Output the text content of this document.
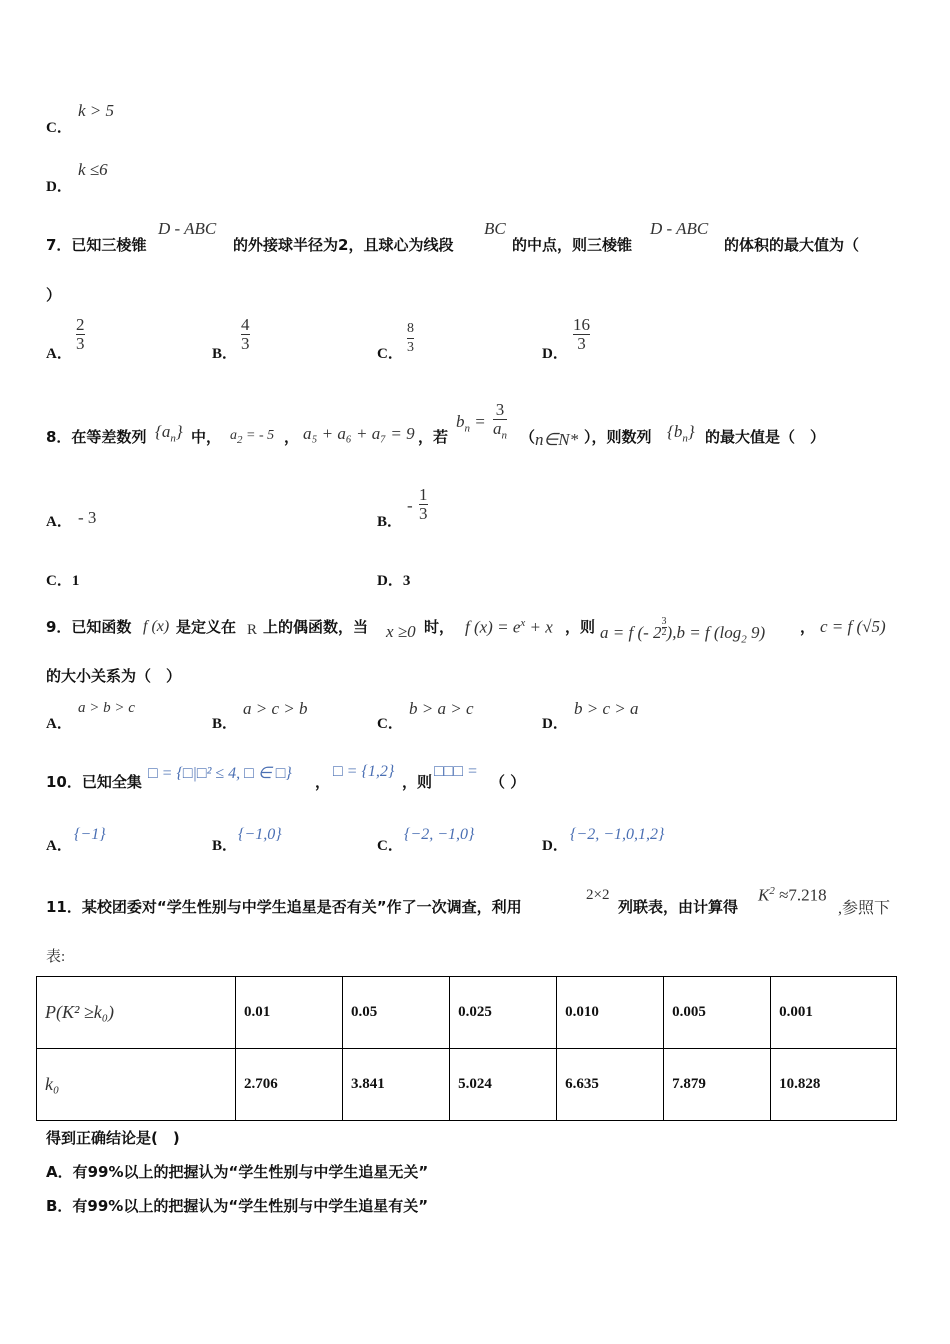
C．
k > 5
D．
k ≤6
7．已知三棱锥
D - ABC
的外接球半径为2，且球心为线段
BC
的中点，则三棱锥
D - ABC
的体积的最大值为（
）
A．
2
3
B．
4
3
C．
8
3	D．
16
3
8．在等差数列 $\{a_n\}$ 中， $a_2$ = - 5 ， a₅ + a₆ + a₇ = 9 ，若
$b_n$ =
3
$a_n$ （ n∈N* ），则数列 $\{b_n\}$ 的最大值是（　）
A． - 3	B．
-
1
3
C．1	D．3
9．已知函数 f (x) 是定义在 R 上的偶函数，当 x ≥0 时， f $(x) = e^x + x$ ，则 a = f (- $2 \frac{3}{2} ),b = f$ ($\log_2$ 9) ， c = f (√5)
的大小关系为（　）
A．
a > b > c
B．
a > c > b
C．
b > a > c
D．
b > c > a
10．已知全集 □ = {□|□² ≤ 4, □ ∈ □} ，
□ = {1,2}
，则
□□□ =
（ ）
A．
{−1}
B．
{−1,0}
C．
{−2, −1,0}
D．
{−2, −1,0,1,2}
11．某校团委对“学生性别与中学生追星是否有关”作了一次调查，利用
2×2
列联表，由计算得
$K^2 \approx 7.218$
,参照下
表:
P(K² ≥k₀)	0.01	0.05	0.025	0.010	0.005	0.001
k₀	2.706	3.841	5.024	6.635	7.879	10.828
得到正确结论是(　)
A．有99%以上的把握认为“学生性别与中学生追星无关”
B．有99%以上的把握认为“学生性别与中学生追星有关”
